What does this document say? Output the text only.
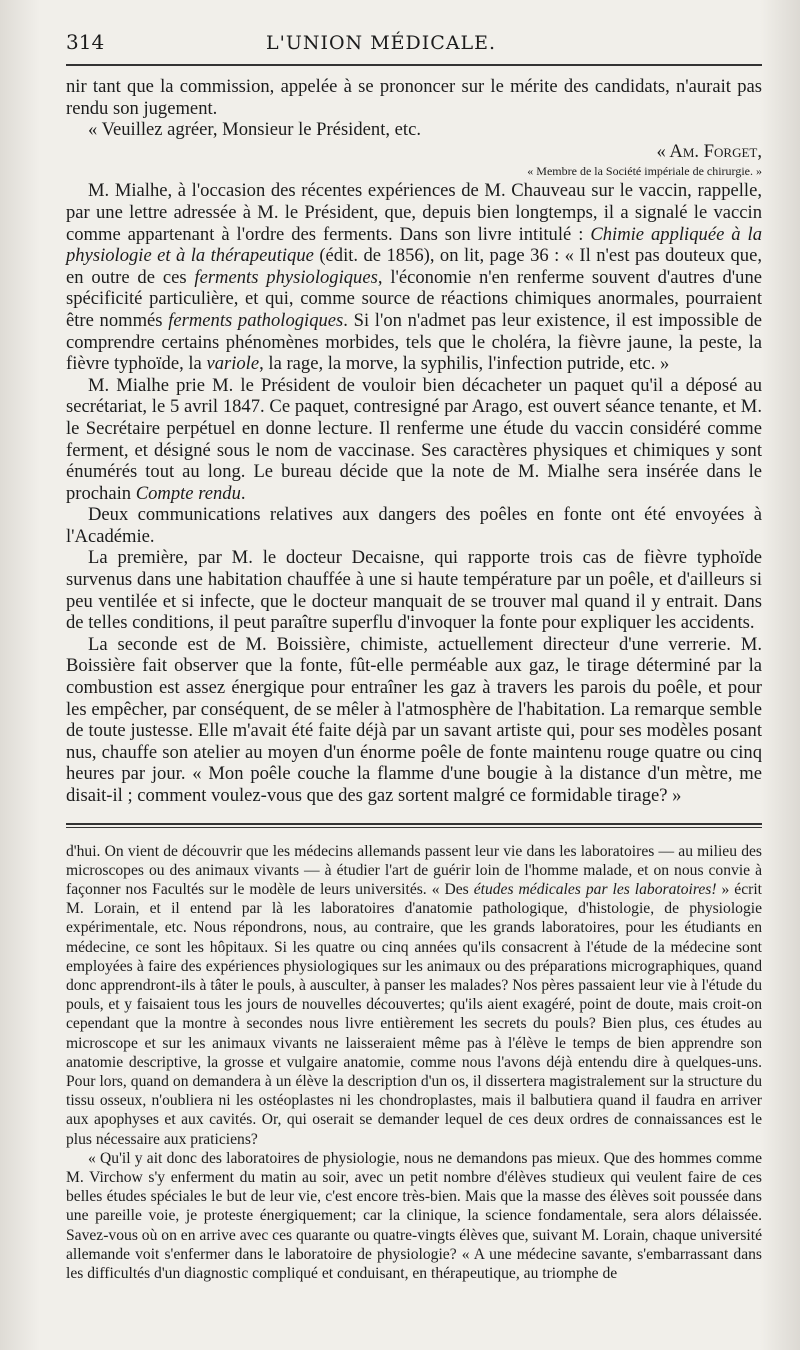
314	L'UNION MÉDICALE.

nir tant que la commission, appelée à se prononcer sur le mérite des candidats, n'aurait pas rendu son jugement.

« Veuillez agréer, Monsieur le Président, etc.

« Am. Forget,

« Membre de la Société impériale de chirurgie. »

M. Mialhe, à l'occasion des récentes expériences de M. Chauveau sur le vaccin, rappelle, par une lettre adressée à M. le Président, que, depuis bien longtemps, il a signalé le vaccin comme appartenant à l'ordre des ferments. Dans son livre intitulé : Chimie appliquée à la physiologie et à la thérapeutique (édit. de 1856), on lit, page 36 : « Il n'est pas douteux que, en outre de ces ferments physiologiques, l'économie n'en renferme souvent d'autres d'une spécificité particulière, et qui, comme source de réactions chimiques anormales, pourraient être nommés ferments pathologiques. Si l'on n'admet pas leur existence, il est impossible de comprendre certains phénomènes morbides, tels que le choléra, la fièvre jaune, la peste, la fièvre typhoïde, la variole, la rage, la morve, la syphilis, l'infection putride, etc. »

M. Mialhe prie M. le Président de vouloir bien décacheter un paquet qu'il a déposé au secrétariat, le 5 avril 1847. Ce paquet, contresigné par Arago, est ouvert séance tenante, et M. le Secrétaire perpétuel en donne lecture. Il renferme une étude du vaccin considéré comme ferment, et désigné sous le nom de vaccinase. Ses caractères physiques et chimiques y sont énumérés tout au long. Le bureau décide que la note de M. Mialhe sera insérée dans le prochain Compte rendu.

Deux communications relatives aux dangers des poêles en fonte ont été envoyées à l'Académie.

La première, par M. le docteur Decaisne, qui rapporte trois cas de fièvre typhoïde survenus dans une habitation chauffée à une si haute température par un poêle, et d'ailleurs si peu ventilée et si infecte, que le docteur manquait de se trouver mal quand il y entrait. Dans de telles conditions, il peut paraître superflu d'invoquer la fonte pour expliquer les accidents.

La seconde est de M. Boissière, chimiste, actuellement directeur d'une verrerie. M. Boissière fait observer que la fonte, fût-elle perméable aux gaz, le tirage déterminé par la combustion est assez énergique pour entraîner les gaz à travers les parois du poêle, et pour les empêcher, par conséquent, de se mêler à l'atmosphère de l'habitation. La remarque semble de toute justesse. Elle m'avait été faite déjà par un savant artiste qui, pour ses modèles posant nus, chauffe son atelier au moyen d'un énorme poêle de fonte maintenu rouge quatre ou cinq heures par jour. « Mon poêle couche la flamme d'une bougie à la distance d'un mètre, me disait-il ; comment voulez-vous que des gaz sortent malgré ce formidable tirage? »

d'hui. On vient de découvrir que les médecins allemands passent leur vie dans les laboratoires — au milieu des microscopes ou des animaux vivants — à étudier l'art de guérir loin de l'homme malade, et on nous convie à façonner nos Facultés sur le modèle de leurs universités. « Des études médicales par les laboratoires! » écrit M. Lorain, et il entend par là les laboratoires d'anatomie pathologique, d'histologie, de physiologie expérimentale, etc. Nous répondrons, nous, au contraire, que les grands laboratoires, pour les étudiants en médecine, ce sont les hôpitaux. Si les quatre ou cinq années qu'ils consacrent à l'étude de la médecine sont employées à faire des expériences physiologiques sur les animaux ou des préparations micrographiques, quand donc apprendront-ils à tâter le pouls, à ausculter, à panser les malades? Nos pères passaient leur vie à l'étude du pouls, et y faisaient tous les jours de nouvelles découvertes; qu'ils aient exagéré, point de doute, mais croit-on cependant que la montre à secondes nous livre entièrement les secrets du pouls? Bien plus, ces études au microscope et sur les animaux vivants ne laisseraient même pas à l'élève le temps de bien apprendre son anatomie descriptive, la grosse et vulgaire anatomie, comme nous l'avons déjà entendu dire à quelques-uns. Pour lors, quand on demandera à un élève la description d'un os, il dissertera magistralement sur la structure du tissu osseux, n'oubliera ni les ostéoplastes ni les chondroplastes, mais il balbutiera quand il faudra en arriver aux apophyses et aux cavités. Or, qui oserait se demander lequel de ces deux ordres de connaissances est le plus nécessaire aux praticiens?

« Qu'il y ait donc des laboratoires de physiologie, nous ne demandons pas mieux. Que des hommes comme M. Virchow s'y enferment du matin au soir, avec un petit nombre d'élèves studieux qui veulent faire de ces belles études spéciales le but de leur vie, c'est encore très-bien. Mais que la masse des élèves soit poussée dans une pareille voie, je proteste énergiquement; car la clinique, la science fondamentale, sera alors délaissée. Savez-vous où on en arrive avec ces quarante ou quatre-vingts élèves que, suivant M. Lorain, chaque université allemande voit s'enfermer dans le laboratoire de physiologie? « A une médecine savante, s'embarrassant dans les difficultés d'un diagnostic compliqué et conduisant, en thérapeutique, au triomphe de
